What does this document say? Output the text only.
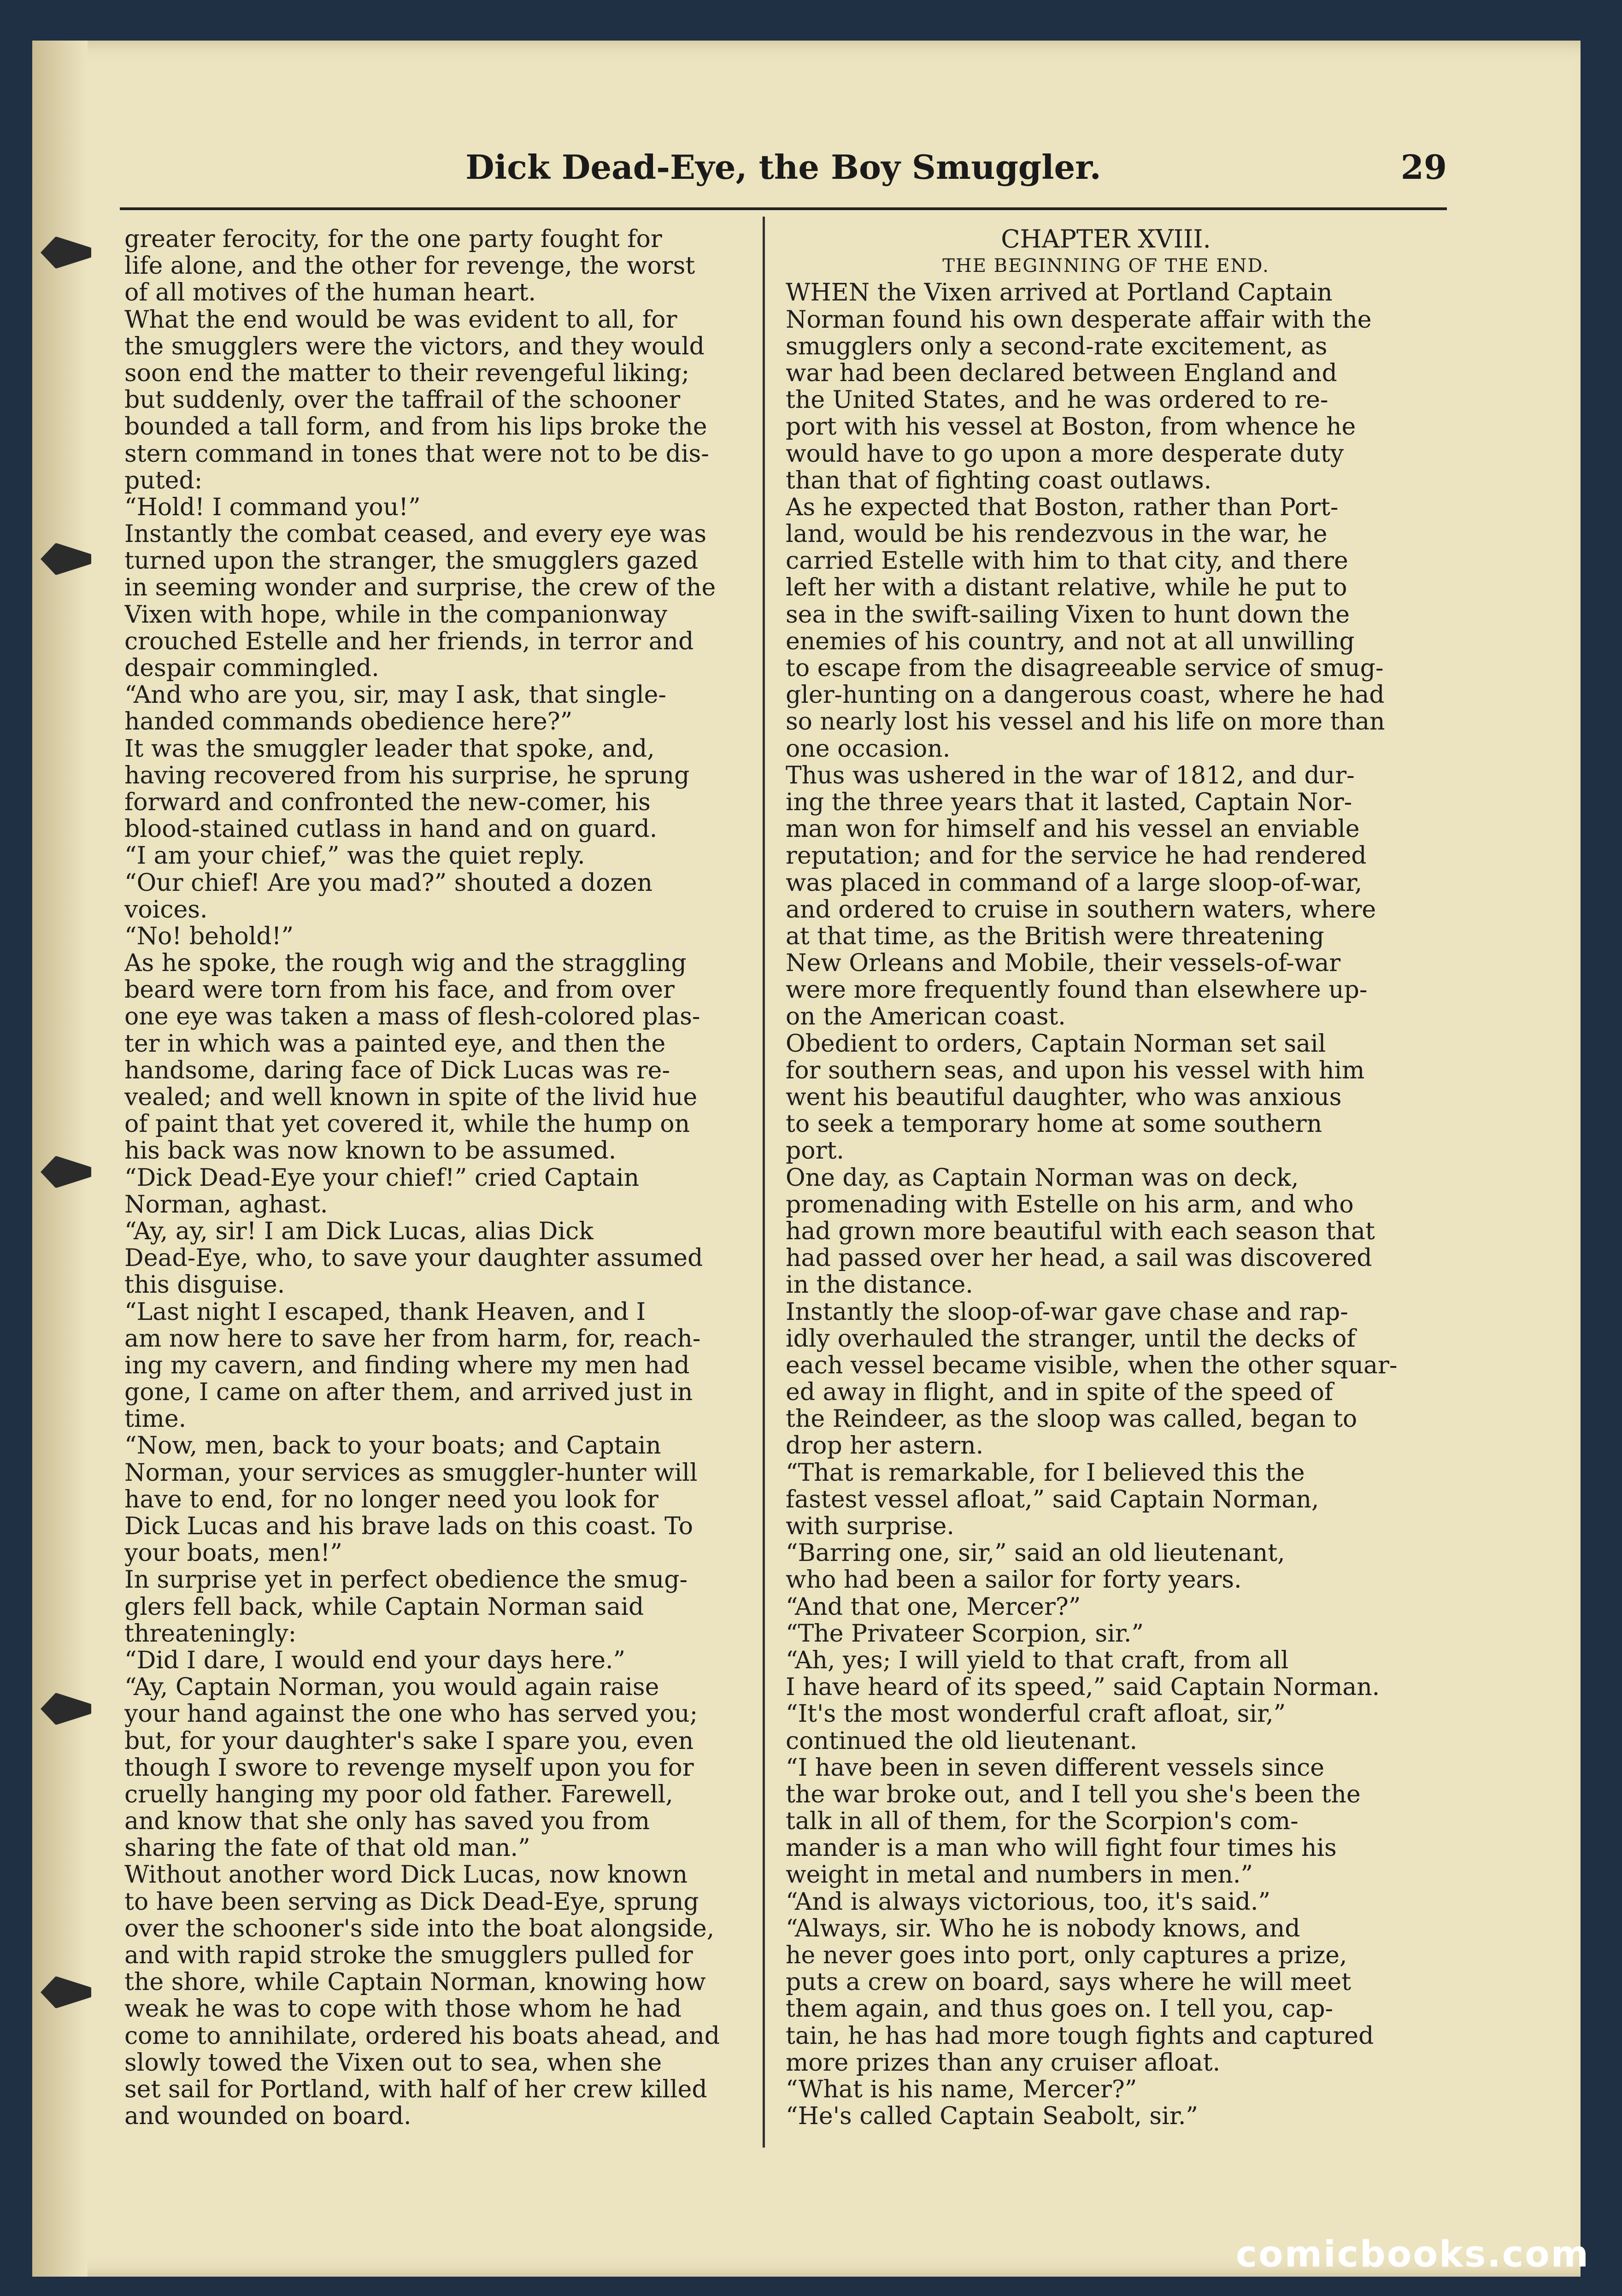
Dick Dead-Eye, the Boy Smuggler.	29
greater ferocity, for the one party fought for
life alone, and the other for revenge, the worst
of all motives of the human heart.
What the end would be was evident to all, for
the smugglers were the victors, and they would
soon end the matter to their revengeful liking;
but suddenly, over the taffrail of the schooner
bounded a tall form, and from his lips broke the
stern command in tones that were not to be dis-
puted:
“Hold! I command you!”
Instantly the combat ceased, and every eye was
turned upon the stranger, the smugglers gazed
in seeming wonder and surprise, the crew of the
Vixen with hope, while in the companionway
crouched Estelle and her friends, in terror and
despair commingled.
“And who are you, sir, may I ask, that single-
handed commands obedience here?”
It was the smuggler leader that spoke, and,
having recovered from his surprise, he sprung
forward and confronted the new-comer, his
blood-stained cutlass in hand and on guard.
“I am your chief,” was the quiet reply.
“Our chief! Are you mad?” shouted a dozen
voices.
“No! behold!”
As he spoke, the rough wig and the straggling
beard were torn from his face, and from over
one eye was taken a mass of flesh-colored plas-
ter in which was a painted eye, and then the
handsome, daring face of Dick Lucas was re-
vealed; and well known in spite of the livid hue
of paint that yet covered it, while the hump on
his back was now known to be assumed.
“Dick Dead-Eye your chief!” cried Captain
Norman, aghast.
“Ay, ay, sir! I am Dick Lucas, alias Dick
Dead-Eye, who, to save your daughter assumed
this disguise.
“Last night I escaped, thank Heaven, and I
am now here to save her from harm, for, reach-
ing my cavern, and finding where my men had
gone, I came on after them, and arrived just in
time.
“Now, men, back to your boats; and Captain
Norman, your services as smuggler-hunter will
have to end, for no longer need you look for
Dick Lucas and his brave lads on this coast. To
your boats, men!”
In surprise yet in perfect obedience the smug-
glers fell back, while Captain Norman said
threateningly:
“Did I dare, I would end your days here.”
“Ay, Captain Norman, you would again raise
your hand against the one who has served you;
but, for your daughter's sake I spare you, even
though I swore to revenge myself upon you for
cruelly hanging my poor old father. Farewell,
and know that she only has saved you from
sharing the fate of that old man.”
Without another word Dick Lucas, now known
to have been serving as Dick Dead-Eye, sprung
over the schooner's side into the boat alongside,
and with rapid stroke the smugglers pulled for
the shore, while Captain Norman, knowing how
weak he was to cope with those whom he had
come to annihilate, ordered his boats ahead, and
slowly towed the Vixen out to sea, when she
set sail for Portland, with half of her crew killed
and wounded on board.
CHAPTER XVIII.
THE BEGINNING OF THE END.
WHEN the Vixen arrived at Portland Captain
Norman found his own desperate affair with the
smugglers only a second-rate excitement, as
war had been declared between England and
the United States, and he was ordered to re-
port with his vessel at Boston, from whence he
would have to go upon a more desperate duty
than that of fighting coast outlaws.
As he expected that Boston, rather than Port-
land, would be his rendezvous in the war, he
carried Estelle with him to that city, and there
left her with a distant relative, while he put to
sea in the swift-sailing Vixen to hunt down the
enemies of his country, and not at all unwilling
to escape from the disagreeable service of smug-
gler-hunting on a dangerous coast, where he had
so nearly lost his vessel and his life on more than
one occasion.
Thus was ushered in the war of 1812, and dur-
ing the three years that it lasted, Captain Nor-
man won for himself and his vessel an enviable
reputation; and for the service he had rendered
was placed in command of a large sloop-of-war,
and ordered to cruise in southern waters, where
at that time, as the British were threatening
New Orleans and Mobile, their vessels-of-war
were more frequently found than elsewhere up-
on the American coast.
Obedient to orders, Captain Norman set sail
for southern seas, and upon his vessel with him
went his beautiful daughter, who was anxious
to seek a temporary home at some southern
port.
One day, as Captain Norman was on deck,
promenading with Estelle on his arm, and who
had grown more beautiful with each season that
had passed over her head, a sail was discovered
in the distance.
Instantly the sloop-of-war gave chase and rap-
idly overhauled the stranger, until the decks of
each vessel became visible, when the other squar-
ed away in flight, and in spite of the speed of
the Reindeer, as the sloop was called, began to
drop her astern.
“That is remarkable, for I believed this the
fastest vessel afloat,” said Captain Norman,
with surprise.
“Barring one, sir,” said an old lieutenant,
who had been a sailor for forty years.
“And that one, Mercer?”
“The Privateer Scorpion, sir.”
“Ah, yes; I will yield to that craft, from all
I have heard of its speed,” said Captain Norman.
“It's the most wonderful craft afloat, sir,”
continued the old lieutenant.
“I have been in seven different vessels since
the war broke out, and I tell you she's been the
talk in all of them, for the Scorpion's com-
mander is a man who will fight four times his
weight in metal and numbers in men.”
“And is always victorious, too, it's said.”
“Always, sir. Who he is nobody knows, and
he never goes into port, only captures a prize,
puts a crew on board, says where he will meet
them again, and thus goes on. I tell you, cap-
tain, he has had more tough fights and captured
more prizes than any cruiser afloat.
“What is his name, Mercer?”
“He's called Captain Seabolt, sir.”
comicbooks.com
